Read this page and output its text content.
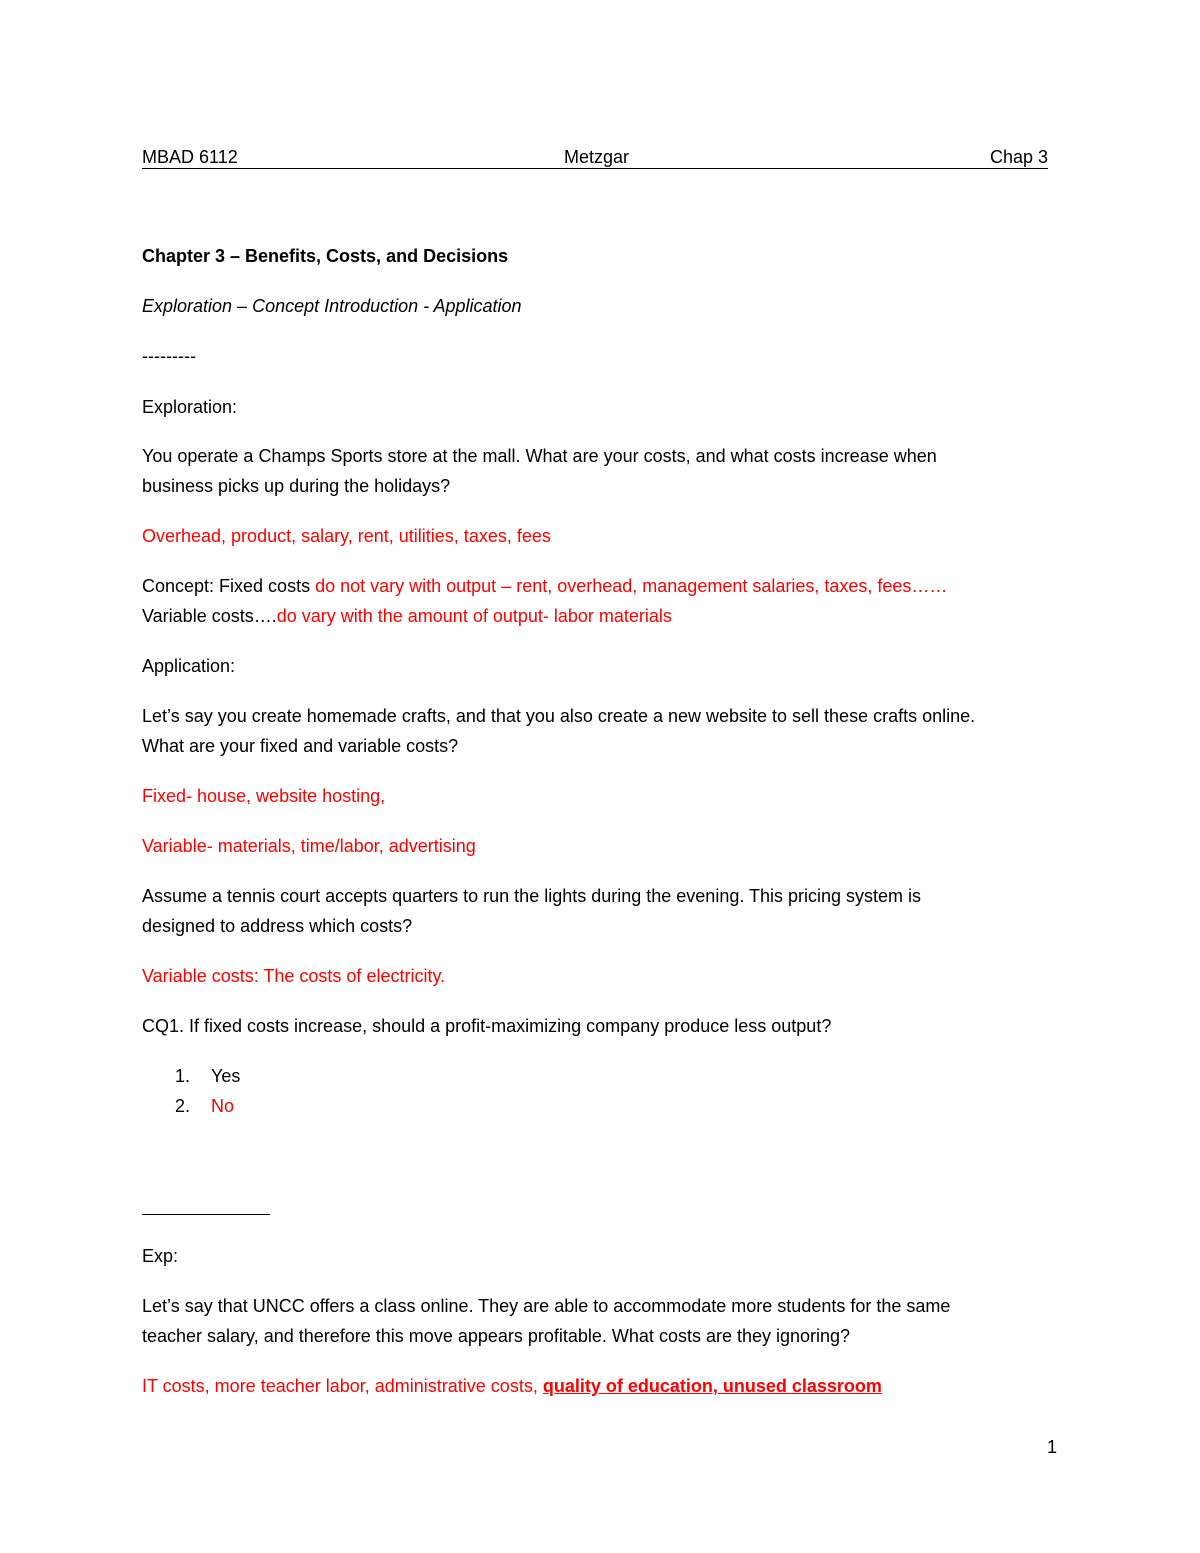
MBAD 6112	Metzgar	Chap 3
Chapter 3 – Benefits, Costs, and Decisions
Exploration – Concept Introduction - Application
---------
Exploration:
You operate a Champs Sports store at the mall. What are your costs, and what costs increase when
business picks up during the holidays?
Overhead, product, salary, rent, utilities, taxes, fees
Concept: Fixed costs do not vary with output – rent, overhead, management salaries, taxes, fees……
Variable costs….do vary with the amount of output- labor materials
Application:
Let’s say you create homemade crafts, and that you also create a new website to sell these crafts online.
What are your fixed and variable costs?
Fixed- house, website hosting,
Variable- materials, time/labor, advertising
Assume a tennis court accepts quarters to run the lights during the evening. This pricing system is
designed to address which costs?
Variable costs: The costs of electricity.
CQ1. If fixed costs increase, should a profit-maximizing company produce less output?
1. Yes
2. No
Exp:
Let’s say that UNCC offers a class online. They are able to accommodate more students for the same
teacher salary, and therefore this move appears profitable. What costs are they ignoring?
IT costs, more teacher labor, administrative costs, quality of education, unused classroom
1
